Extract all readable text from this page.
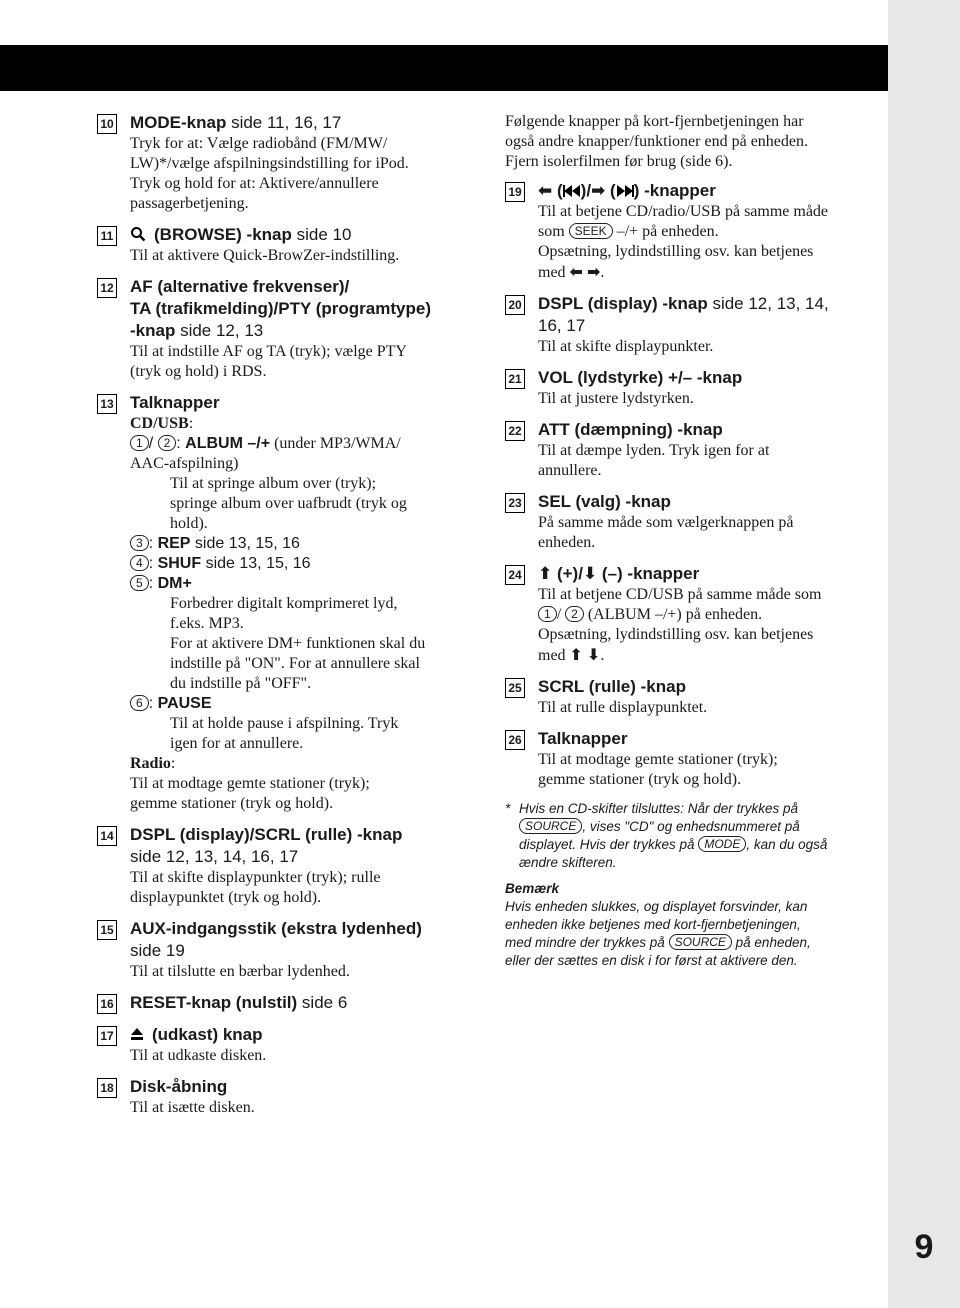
9
10 MODE-knap side 11, 16, 17
Tryk for at: Vælge radiobånd (FM/MW/
LW)*/vælge afspilningsindstilling for iPod.
Tryk og hold for at: Aktivere/annullere
passagerbetjening.
11	(BROWSE) -knap side 10
Til at aktivere Quick-BrowZer-indstilling.
12 AF (alternative frekvenser)/
TA (trafikmelding)/PTY (programtype)
-knap side 12, 13
Til at indstille AF og TA (tryk); vælge PTY
(tryk og hold) i RDS.
13 Talknapper
CD/USB:
1 / 2 : ALBUM –/+ (under MP3/WMA/
AAC-afspilning)
Til at springe album over (tryk);
springe album over uafbrudt (tryk og
hold).
3 : REP side 13, 15, 16
4 : SHUF side 13, 15, 16
5 : DM+
Forbedrer digitalt komprimeret lyd,
f.eks. MP3.
For at aktivere DM+ funktionen skal du
indstille på "ON". For at annullere skal
du indstille på "OFF".
6 : PAUSE
Til at holde pause i afspilning. Tryk
igen for at annullere.
Radio:
Til at modtage gemte stationer (tryk);
gemme stationer (tryk og hold).
14 DSPL (display)/SCRL (rulle) -knap
side 12, 13, 14, 16, 17
Til at skifte displaypunkter (tryk); rulle
displaypunktet (tryk og hold).
15 AUX-indgangsstik (ekstra lydenhed)
side 19
Til at tilslutte en bærbar lydenhed.
16 RESET-knap (nulstil) side 6
17	(udkast) knap
Til at udkaste disken.
18 Disk-åbning
Til at isætte disken.
Følgende knapper på kort-fjernbetjeningen har
også andre knapper/funktioner end på enheden.
Fjern isolerfilmen før brug (side 6).
19 ⬅ ( )/➡ ( ) -knapper
Til at betjene CD/radio/USB på samme måde
som SEEK –/+ på enheden.
Opsætning, lydindstilling osv. kan betjenes
med ⬅ ➡.
20 DSPL (display) -knap side 12, 13, 14,
16, 17
Til at skifte displaypunkter.
21 VOL (lydstyrke) +/– -knap
Til at justere lydstyrken.
22 ATT (dæmpning) -knap
Til at dæmpe lyden. Tryk igen for at
annullere.
23 SEL (valg) -knap
På samme måde som vælgerknappen på
enheden.
24 ⬆ (+)/⬇ (–) -knapper
Til at betjene CD/USB på samme måde som
1 / 2 (ALBUM –/+) på enheden.
Opsætning, lydindstilling osv. kan betjenes
med ⬆ ⬇.
25 SCRL (rulle) -knap
Til at rulle displaypunktet.
26 Talknapper
Til at modtage gemte stationer (tryk);
gemme stationer (tryk og hold).
* Hvis en CD-skifter tilsluttes: Når der trykkes på
SOURCE , vises "CD" og enhedsnummeret på
displayet. Hvis der trykkes på MODE , kan du også
ændre skifteren.
Bemærk
Hvis enheden slukkes, og displayet forsvinder, kan
enheden ikke betjenes med kort-fjernbetjeningen,
med mindre der trykkes på SOURCE på enheden,
eller der sættes en disk i for først at aktivere den.
